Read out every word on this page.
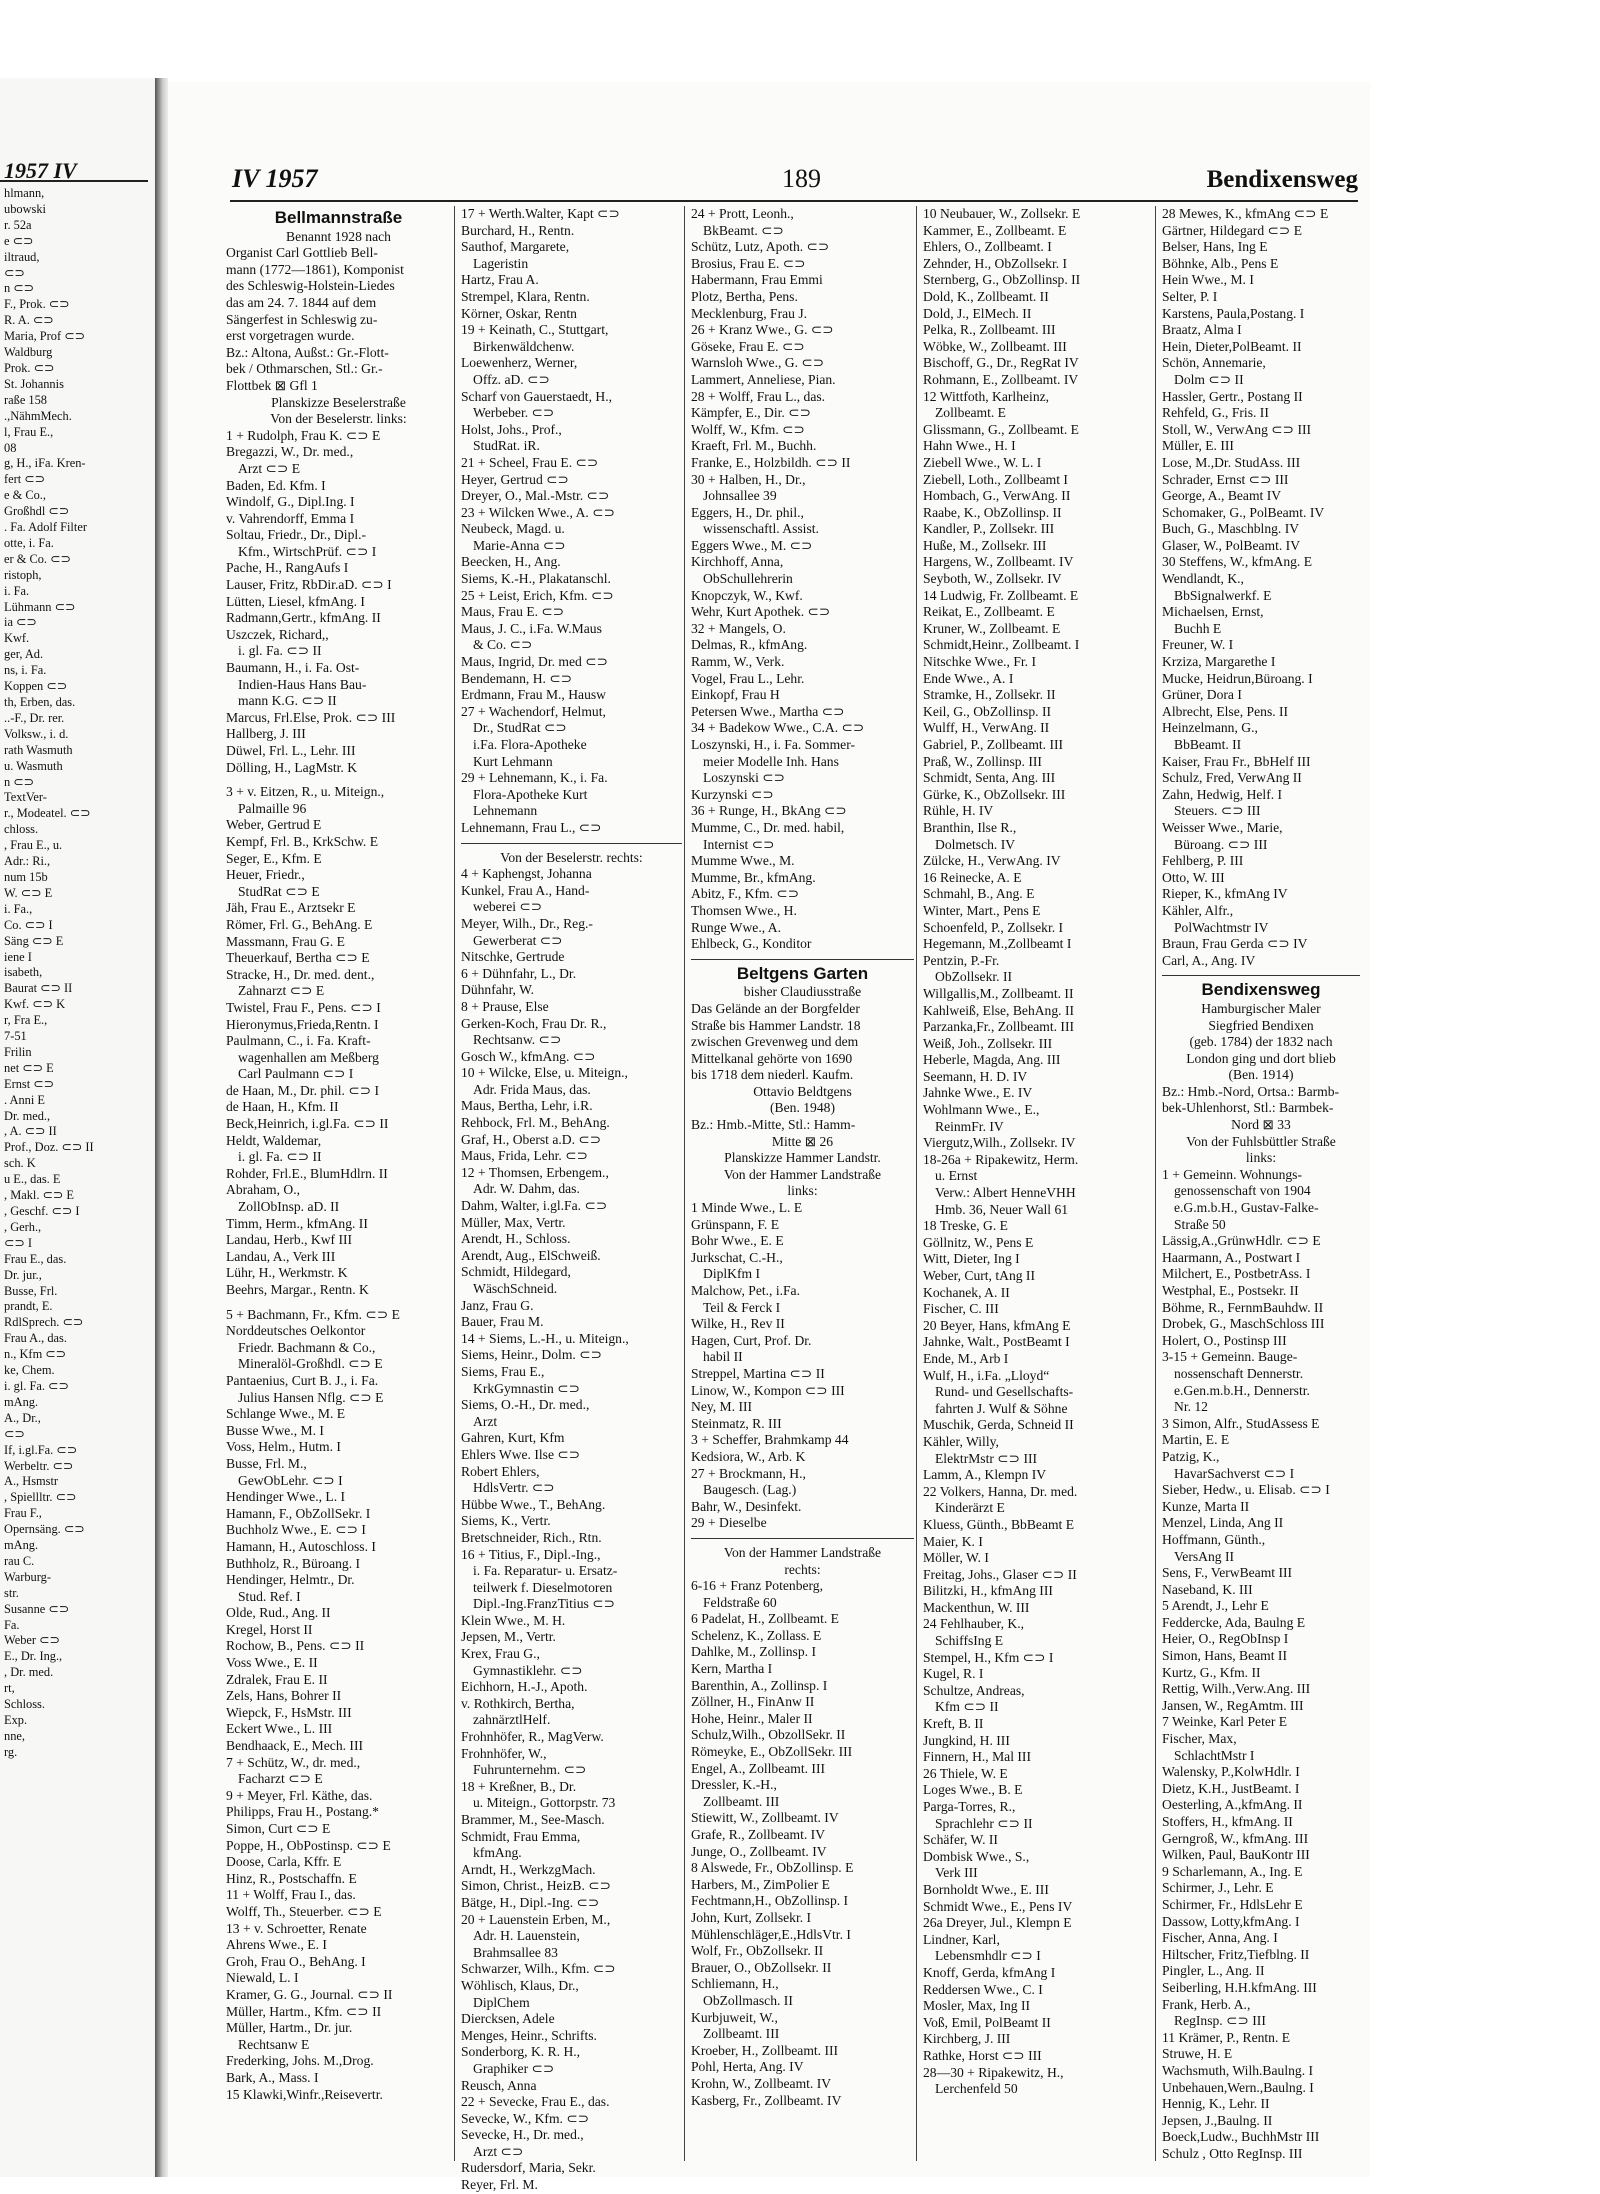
1957 IV
hlmann,
ubowski
r. 52a
e ⊂⊃
iltraud,
⊂⊃
n ⊂⊃
F., Prok. ⊂⊃
R. A. ⊂⊃
Maria, Prof ⊂⊃
Waldburg
Prok. ⊂⊃
St. Johannis
raße 158
.,NähmMech.
l, Frau E.,
08
g, H., iFa. Kren-
fert ⊂⊃
e & Co.,
Großhdl ⊂⊃
. Fa. Adolf Filter
otte, i. Fa.
er & Co. ⊂⊃
ristoph,
i. Fa.
Lühmann ⊂⊃
ia ⊂⊃
Kwf.
ger, Ad.
ns, i. Fa.
Koppen ⊂⊃
th, Erben, das.
..-F., Dr. rer.
Volksw., i. d.
rath Wasmuth
u. Wasmuth
n ⊂⊃
TextVer-
r., Modeatel. ⊂⊃
chloss.
, Frau E., u.
Adr.: Ri.,
num 15b
W. ⊂⊃ E
i. Fa.,
Co. ⊂⊃ I
Säng ⊂⊃ E
iene I
isabeth,
Baurat ⊂⊃ II
Kwf. ⊂⊃ K
r, Fra E.,
7-51
Frilin
net ⊂⊃ E
Ernst ⊂⊃
. Anni E
Dr. med.,
, A. ⊂⊃ II
Prof., Doz. ⊂⊃ II
sch. K
u E., das. E
, Makl. ⊂⊃ E
, Geschf. ⊂⊃ I
, Gerh.,
⊂⊃ I
Frau E., das.
Dr. jur.,
Busse, Frl.
prandt, E.
RdlSprech. ⊂⊃
Frau A., das.
n., Kfm ⊂⊃
ke, Chem.
i. gl. Fa. ⊂⊃
mAng.
A., Dr.,
⊂⊃
If, i.gl.Fa. ⊂⊃
Werbeltr. ⊂⊃
A., Hsmstr
, Spiellltr. ⊂⊃
Frau F.,
Opernsäng. ⊂⊃
mAng.
rau C.
Warburg-
str.
Susanne ⊂⊃
Fa.
Weber ⊂⊃
E., Dr. Ing.,
, Dr. med.
rt,
Schloss.
Exp.
nne,
rg.
IV 1957	189	Bendixensweg
Bellmannstraße
Benannt 1928 nach
Organist Carl Gottlieb Bell-
mann (1772—1861), Komponist
des Schleswig-Holstein-Liedes
das am 24. 7. 1844 auf dem
Sängerfest in Schleswig zu-
erst vorgetragen wurde.
Bz.: Altona, Außst.: Gr.-Flott-
bek / Othmarschen, Stl.: Gr.-
Flottbek ⊠ Gfl 1
Planskizze Beselerstraße
Von der Beselerstr. links:
1 + Rudolph, Frau K. ⊂⊃ E
Bregazzi, W., Dr. med.,
Arzt ⊂⊃ E
Baden, Ed. Kfm. I
Windolf, G., Dipl.Ing. I
v. Vahrendorff, Emma I
Soltau, Friedr., Dr., Dipl.-
Kfm., WirtschPrüf. ⊂⊃ I
Pache, H., RangAufs I
Lauser, Fritz, RbDir.aD. ⊂⊃ I
Lütten, Liesel, kfmAng. I
Radmann,Gertr., kfmAng. II
Uszczek, Richard,,
i. gl. Fa. ⊂⊃ II
Baumann, H., i. Fa. Ost-
Indien-Haus Hans Bau-
mann K.G. ⊂⊃ II
Marcus, Frl.Else, Prok. ⊂⊃ III
Hallberg, J. III
Düwel, Frl. L., Lehr. III
Dölling, H., LagMstr. K
3 + v. Eitzen, R., u. Miteign.,
Palmaille 96
Weber, Gertrud E
Kempf, Frl. B., KrkSchw. E
Seger, E., Kfm. E
Heuer, Friedr.,
StudRat ⊂⊃ E
Jäh, Frau E., Arztsekr E
Römer, Frl. G., BehAng. E
Massmann, Frau G. E
Theuerkauf, Bertha ⊂⊃ E
Stracke, H., Dr. med. dent.,
Zahnarzt ⊂⊃ E
Twistel, Frau F., Pens. ⊂⊃ I
Hieronymus,Frieda,Rentn. I
Paulmann, C., i. Fa. Kraft-
wagenhallen am Meßberg
Carl Paulmann ⊂⊃ I
de Haan, M., Dr. phil. ⊂⊃ I
de Haan, H., Kfm. II
Beck,Heinrich, i.gl.Fa. ⊂⊃ II
Heldt, Waldemar,
i. gl. Fa. ⊂⊃ II
Rohder, Frl.E., BlumHdlrn. II
Abraham, O.,
ZollObInsp. aD. II
Timm, Herm., kfmAng. II
Landau, Herb., Kwf III
Landau, A., Verk III
Lühr, H., Werkmstr. K
Beehrs, Margar., Rentn. K
5 + Bachmann, Fr., Kfm. ⊂⊃ E
Norddeutsches Oelkontor
Friedr. Bachmann & Co.,
Mineralöl-Großhdl. ⊂⊃ E
Pantaenius, Curt B. J., i. Fa.
Julius Hansen Nflg. ⊂⊃ E
Schlange Wwe., M. E
Busse Wwe., M. I
Voss, Helm., Hutm. I
Busse, Frl. M.,
GewObLehr. ⊂⊃ I
Hendinger Wwe., L. I
Hamann, F., ObZollSekr. I
Buchholz Wwe., E. ⊂⊃ I
Hamann, H., Autoschloss. I
Buthholz, R., Büroang. I
Hendinger, Helmtr., Dr.
Stud. Ref. I
Olde, Rud., Ang. II
Kregel, Horst II
Rochow, B., Pens. ⊂⊃ II
Voss Wwe., E. II
Zdralek, Frau E. II
Zels, Hans, Bohrer II
Wiepck, F., HsMstr. III
Eckert Wwe., L. III
Bendhaack, E., Mech. III
7 + Schütz, W., dr. med.,
Facharzt ⊂⊃ E
9 + Meyer, Frl. Käthe, das.
Philipps, Frau H., Postang.*
Simon, Curt ⊂⊃ E
Poppe, H., ObPostinsp. ⊂⊃ E
Doose, Carla, Kffr. E
Hinz, R., Postschaffn. E
11 + Wolff, Frau I., das.
Wolff, Th., Steuerber. ⊂⊃ E
13 + v. Schroetter, Renate
Ahrens Wwe., E. I
Groh, Frau O., BehAng. I
Niewald, L. I
Kramer, G. G., Journal. ⊂⊃ II
Müller, Hartm., Kfm. ⊂⊃ II
Müller, Hartm., Dr. jur.
Rechtsanw E
Frederking, Johs. M.,Drog.
Bark, A., Mass. I
15 Klawki,Winfr.,Reisevertr.
17 + Werth.Walter, Kapt ⊂⊃
Burchard, H., Rentn.
Sauthof, Margarete,
Lageristin
Hartz, Frau A.
Strempel, Klara, Rentn.
Körner, Oskar, Rentn
19 + Keinath, C., Stuttgart,
Birkenwäldchenw.
Loewenherz, Werner,
Offz. aD. ⊂⊃
Scharf von Gauerstaedt, H.,
Werbeber. ⊂⊃
Holst, Johs., Prof.,
StudRat. iR.
21 + Scheel, Frau E. ⊂⊃
Heyer, Gertrud ⊂⊃
Dreyer, O., Mal.-Mstr. ⊂⊃
23 + Wilcken Wwe., A. ⊂⊃
Neubeck, Magd. u.
Marie-Anna ⊂⊃
Beecken, H., Ang.
Siems, K.-H., Plakatanschl.
25 + Leist, Erich, Kfm. ⊂⊃
Maus, Frau E. ⊂⊃
Maus, J. C., i.Fa. W.Maus
& Co. ⊂⊃
Maus, Ingrid, Dr. med ⊂⊃
Bendemann, H. ⊂⊃
Erdmann, Frau M., Hausw
27 + Wachendorf, Helmut,
Dr., StudRat ⊂⊃
i.Fa. Flora-Apotheke
Kurt Lehmann
29 + Lehnemann, K., i. Fa.
Flora-Apotheke Kurt
Lehnemann
Lehnemann, Frau L., ⊂⊃
Von der Beselerstr. rechts:
4 + Kaphengst, Johanna
Kunkel, Frau A., Hand-
weberei ⊂⊃
Meyer, Wilh., Dr., Reg.-
Gewerberat ⊂⊃
Nitschke, Gertrude
6 + Dühnfahr, L., Dr.
Dühnfahr, W.
8 + Prause, Else
Gerken-Koch, Frau Dr. R.,
Rechtsanw. ⊂⊃
Gosch W., kfmAng. ⊂⊃
10 + Wilcke, Else, u. Miteign.,
Adr. Frida Maus, das.
Maus, Bertha, Lehr, i.R.
Rehbock, Frl. M., BehAng.
Graf, H., Oberst a.D. ⊂⊃
Maus, Frida, Lehr. ⊂⊃
12 + Thomsen, Erbengem.,
Adr. W. Dahm, das.
Dahm, Walter, i.gl.Fa. ⊂⊃
Müller, Max, Vertr.
Arendt, H., Schloss.
Arendt, Aug., ElSchweiß.
Schmidt, Hildegard,
WäschSchneid.
Janz, Frau G.
Bauer, Frau M.
14 + Siems, L.-H., u. Miteign.,
Siems, Heinr., Dolm. ⊂⊃
Siems, Frau E.,
KrkGymnastin ⊂⊃
Siems, O.-H., Dr. med.,
Arzt
Gahren, Kurt, Kfm
Ehlers Wwe. Ilse ⊂⊃
Robert Ehlers,
HdlsVertr. ⊂⊃
Hübbe Wwe., T., BehAng.
Siems, K., Vertr.
Bretschneider, Rich., Rtn.
16 + Titius, F., Dipl.-Ing.,
i. Fa. Reparatur- u. Ersatz-
teilwerk f. Dieselmotoren
Dipl.-Ing.FranzTitius ⊂⊃
Klein Wwe., M. H.
Jepsen, M., Vertr.
Krex, Frau G.,
Gymnastiklehr. ⊂⊃
Eichhorn, H.-J., Apoth.
v. Rothkirch, Bertha,
zahnärztlHelf.
Frohnhöfer, R., MagVerw.
Frohnhöfer, W.,
Fuhrunternehm. ⊂⊃
18 + Kreßner, B., Dr.
u. Miteign., Gottorpstr. 73
Brammer, M., See-Masch.
Schmidt, Frau Emma,
kfmAng.
Arndt, H., WerkzgMach.
Simon, Christ., HeizB. ⊂⊃
Bätge, H., Dipl.-Ing. ⊂⊃
20 + Lauenstein Erben, M.,
Adr. H. Lauenstein,
Brahmsallee 83
Schwarzer, Wilh., Kfm. ⊂⊃
Wöhlisch, Klaus, Dr.,
DiplChem
Diercksen, Adele
Menges, Heinr., Schrifts.
Sonderborg, K. R. H.,
Graphiker ⊂⊃
Reusch, Anna
22 + Sevecke, Frau E., das.
Sevecke, W., Kfm. ⊂⊃
Sevecke, H., Dr. med.,
Arzt ⊂⊃
Rudersdorf, Maria, Sekr.
Reyer, Frl. M.
24 + Prott, Leonh.,
BkBeamt. ⊂⊃
Schütz, Lutz, Apoth. ⊂⊃
Brosius, Frau E. ⊂⊃
Habermann, Frau Emmi
Plotz, Bertha, Pens.
Mecklenburg, Frau J.
26 + Kranz Wwe., G. ⊂⊃
Göseke, Frau E. ⊂⊃
Warnsloh Wwe., G. ⊂⊃
Lammert, Anneliese, Pian.
28 + Wolff, Frau L., das.
Kämpfer, E., Dir. ⊂⊃
Wolff, W., Kfm. ⊂⊃
Kraeft, Frl. M., Buchh.
Franke, E., Holzbildh. ⊂⊃ II
30 + Halben, H., Dr.,
Johnsallee 39
Eggers, H., Dr. phil.,
wissenschaftl. Assist.
Eggers Wwe., M. ⊂⊃
Kirchhoff, Anna,
ObSchullehrerin
Knopczyk, W., Kwf.
Wehr, Kurt Apothek. ⊂⊃
32 + Mangels, O.
Delmas, R., kfmAng.
Ramm, W., Verk.
Vogel, Frau L., Lehr.
Einkopf, Frau H
Petersen Wwe., Martha ⊂⊃
34 + Badekow Wwe., C.A. ⊂⊃
Loszynski, H., i. Fa. Sommer-
meier Modelle Inh. Hans
Loszynski ⊂⊃
Kurzynski ⊂⊃
36 + Runge, H., BkAng ⊂⊃
Mumme, C., Dr. med. habil,
Internist ⊂⊃
Mumme Wwe., M.
Mumme, Br., kfmAng.
Abitz, F., Kfm. ⊂⊃
Thomsen Wwe., H.
Runge Wwe., A.
Ehlbeck, G., Konditor
Beltgens Garten
bisher Claudiusstraße
Das Gelände an der Borgfelder
Straße bis Hammer Landstr. 18
zwischen Grevenweg und dem
Mittelkanal gehörte von 1690
bis 1718 dem niederl. Kaufm.
Ottavio Beldtgens
(Ben. 1948)
Bz.: Hmb.-Mitte, Stl.: Hamm-
Mitte ⊠ 26
Planskizze Hammer Landstr.
Von der Hammer Landstraße
links:
1 Minde Wwe., L. E
Grünspann, F. E
Bohr Wwe., E. E
Jurkschat, C.-H.,
DiplKfm I
Malchow, Pet., i.Fa.
Teil & Ferck I
Wilke, H., Rev II
Hagen, Curt, Prof. Dr.
habil II
Streppel, Martina ⊂⊃ II
Linow, W., Kompon ⊂⊃ III
Ney, M. III
Steinmatz, R. III
3 + Scheffer, Brahmkamp 44
Kedsiora, W., Arb. K
27 + Brockmann, H.,
Baugesch. (Lag.)
Bahr, W., Desinfekt.
29 + Dieselbe
Von der Hammer Landstraße
rechts:
6-16 + Franz Potenberg,
Feldstraße 60
6 Padelat, H., Zollbeamt. E
Schelenz, K., Zollass. E
Dahlke, M., Zollinsp. I
Kern, Martha I
Barenthin, A., Zollinsp. I
Zöllner, H., FinAnw II
Hohe, Heinr., Maler II
Schulz,Wilh., ObzollSekr. II
Römeyke, E., ObZollSekr. III
Engel, A., Zollbeamt. III
Dressler, K.-H.,
Zollbeamt. III
Stiewitt, W., Zollbeamt. IV
Grafe, R., Zollbeamt. IV
Junge, O., Zollbeamt. IV
8 Alswede, Fr., ObZollinsp. E
Harbers, M., ZimPolier E
Fechtmann,H., ObZollinsp. I
John, Kurt, Zollsekr. I
Mühlenschläger,E.,HdlsVtr. I
Wolf, Fr., ObZollsekr. II
Brauer, O., ObZollsekr. II
Schliemann, H.,
ObZollmasch. II
Kurbjuweit, W.,
Zollbeamt. III
Kroeber, H., Zollbeamt. III
Pohl, Herta, Ang. IV
Krohn, W., Zollbeamt. IV
Kasberg, Fr., Zollbeamt. IV
10 Neubauer, W., Zollsekr. E
Kammer, E., Zollbeamt. E
Ehlers, O., Zollbeamt. I
Zehnder, H., ObZollsekr. I
Sternberg, G., ObZollinsp. II
Dold, K., Zollbeamt. II
Dold, J., ElMech. II
Pelka, R., Zollbeamt. III
Wöbke, W., Zollbeamt. III
Bischoff, G., Dr., RegRat IV
Rohmann, E., Zollbeamt. IV
12 Wittfoth, Karlheinz,
Zollbeamt. E
Glissmann, G., Zollbeamt. E
Hahn Wwe., H. I
Ziebell Wwe., W. L. I
Ziebell, Loth., Zollbeamt I
Hombach, G., VerwAng. II
Raabe, K., ObZollinsp. II
Kandler, P., Zollsekr. III
Huße, M., Zollsekr. III
Hargens, W., Zollbeamt. IV
Seyboth, W., Zollsekr. IV
14 Ludwig, Fr. Zollbeamt. E
Reikat, E., Zollbeamt. E
Kruner, W., Zollbeamt. E
Schmidt,Heinr., Zollbeamt. I
Nitschke Wwe., Fr. I
Ende Wwe., A. I
Stramke, H., Zollsekr. II
Keil, G., ObZollinsp. II
Wulff, H., VerwAng. II
Gabriel, P., Zollbeamt. III
Praß, W., Zollinsp. III
Schmidt, Senta, Ang. III
Gürke, K., ObZollsekr. III
Rühle, H. IV
Branthin, Ilse R.,
Dolmetsch. IV
Zülcke, H., VerwAng. IV
16 Reinecke, A. E
Schmahl, B., Ang. E
Winter, Mart., Pens E
Schoenfeld, P., Zollsekr. I
Hegemann, M.,Zollbeamt I
Pentzin, P.-Fr.
ObZollsekr. II
Willgallis,M., Zollbeamt. II
Kahlweiß, Else, BehAng. II
Parzanka,Fr., Zollbeamt. III
Weiß, Joh., Zollsekr. III
Heberle, Magda, Ang. III
Seemann, H. D. IV
Jahnke Wwe., E. IV
Wohlmann Wwe., E.,
ReinmFr. IV
Viergutz,Wilh., Zollsekr. IV
18-26a + Ripakewitz, Herm.
u. Ernst
Verw.: Albert HenneVHH
Hmb. 36, Neuer Wall 61
18 Treske, G. E
Göllnitz, W., Pens E
Witt, Dieter, Ing I
Weber, Curt, tAng II
Kochanek, A. II
Fischer, C. III
20 Beyer, Hans, kfmAng E
Jahnke, Walt., PostBeamt I
Ende, M., Arb I
Wulf, H., i.Fa. „Lloyd“
Rund- und Gesellschafts-
fahrten J. Wulf & Söhne
Muschik, Gerda, Schneid II
Kähler, Willy,
ElektrMstr ⊂⊃ III
Lamm, A., Klempn IV
22 Volkers, Hanna, Dr. med.
Kinderärzt E
Kluess, Günth., BbBeamt E
Maier, K. I
Möller, W. I
Freitag, Johs., Glaser ⊂⊃ II
Bilitzki, H., kfmAng III
Mackenthun, W. III
24 Fehlhauber, K.,
SchiffsIng E
Stempel, H., Kfm ⊂⊃ I
Kugel, R. I
Schultze, Andreas,
Kfm ⊂⊃ II
Kreft, B. II
Jungkind, H. III
Finnern, H., Mal III
26 Thiele, W. E
Loges Wwe., B. E
Parga-Torres, R.,
Sprachlehr ⊂⊃ II
Schäfer, W. II
Dombisk Wwe., S.,
Verk III
Bornholdt Wwe., E. III
Schmidt Wwe., E., Pens IV
26a Dreyer, Jul., Klempn E
Lindner, Karl,
Lebensmhdlr ⊂⊃ I
Knoff, Gerda, kfmAng I
Reddersen Wwe., C. I
Mosler, Max, Ing II
Voß, Emil, PolBeamt II
Kirchberg, J. III
Rathke, Horst ⊂⊃ III
28—30 + Ripakewitz, H.,
Lerchenfeld 50
28 Mewes, K., kfmAng ⊂⊃ E
Gärtner, Hildegard ⊂⊃ E
Belser, Hans, Ing E
Böhnke, Alb., Pens E
Hein Wwe., M. I
Selter, P. I
Karstens, Paula,Postang. I
Braatz, Alma I
Hein, Dieter,PolBeamt. II
Schön, Annemarie,
Dolm ⊂⊃ II
Hassler, Gertr., Postang II
Rehfeld, G., Fris. II
Stoll, W., VerwAng ⊂⊃ III
Müller, E. III
Lose, M.,Dr. StudAss. III
Schrader, Ernst ⊂⊃ III
George, A., Beamt IV
Schomaker, G., PolBeamt. IV
Buch, G., Maschblng. IV
Glaser, W., PolBeamt. IV
30 Steffens, W., kfmAng. E
Wendlandt, K.,
BbSignalwerkf. E
Michaelsen, Ernst,
Buchh E
Freuner, W. I
Krziza, Margarethe I
Mucke, Heidrun,Büroang. I
Grüner, Dora I
Albrecht, Else, Pens. II
Heinzelmann, G.,
BbBeamt. II
Kaiser, Frau Fr., BbHelf III
Schulz, Fred, VerwAng II
Zahn, Hedwig, Helf. I
Steuers. ⊂⊃ III
Weisser Wwe., Marie,
Büroang. ⊂⊃ III
Fehlberg, P. III
Otto, W. III
Rieper, K., kfmAng IV
Kähler, Alfr.,
PolWachtmstr IV
Braun, Frau Gerda ⊂⊃ IV
Carl, A., Ang. IV
Bendixensweg
Hamburgischer Maler
Siegfried Bendixen
(geb. 1784) der 1832 nach
London ging und dort blieb
(Ben. 1914)
Bz.: Hmb.-Nord, Ortsa.: Barmb-
bek-Uhlenhorst, Stl.: Barmbek-
Nord ⊠ 33
Von der Fuhlsbüttler Straße
links:
1 + Gemeinn. Wohnungs-
genossenschaft von 1904
e.G.m.b.H., Gustav-Falke-
Straße 50
Lässig,A.,GrünwHdlr. ⊂⊃ E
Haarmann, A., Postwart I
Milchert, E., PostbetrAss. I
Westphal, E., Postsekr. II
Böhme, R., FernmBauhdw. II
Drobek, G., MaschSchloss III
Holert, O., Postinsp III
3-15 + Gemeinn. Bauge-
nossenschaft Dennerstr.
e.Gen.m.b.H., Dennerstr.
Nr. 12
3 Simon, Alfr., StudAssess E
Martin, E. E
Patzig, K.,
HavarSachverst ⊂⊃ I
Sieber, Hedw., u. Elisab. ⊂⊃ I
Kunze, Marta II
Menzel, Linda, Ang II
Hoffmann, Günth.,
VersAng II
Sens, F., VerwBeamt III
Naseband, K. III
5 Arendt, J., Lehr E
Feddercke, Ada, Baulng E
Heier, O., RegObInsp I
Simon, Hans, Beamt II
Kurtz, G., Kfm. II
Rettig, Wilh.,Verw.Ang. III
Jansen, W., RegAmtm. III
7 Weinke, Karl Peter E
Fischer, Max,
SchlachtMstr I
Walensky, P.,KolwHdlr. I
Dietz, K.H., JustBeamt. I
Oesterling, A.,kfmAng. II
Stoffers, H., kfmAng. II
Gerngroß, W., kfmAng. III
Wilken, Paul, BauKontr III
9 Scharlemann, A., Ing. E
Schirmer, J., Lehr. E
Schirmer, Fr., HdlsLehr E
Dassow, Lotty,kfmAng. I
Fischer, Anna, Ang. I
Hiltscher, Fritz,Tiefblng. II
Pingler, L., Ang. II
Seiberling, H.H.kfmAng. III
Frank, Herb. A.,
RegInsp. ⊂⊃ III
11 Krämer, P., Rentn. E
Struwe, H. E
Wachsmuth, Wilh.Baulng. I
Unbehauen,Wern.,Baulng. I
Hennig, K., Lehr. II
Jepsen, J.,Baulng. II
Boeck,Ludw., BuchhMstr III
Schulz , Otto RegInsp. III
